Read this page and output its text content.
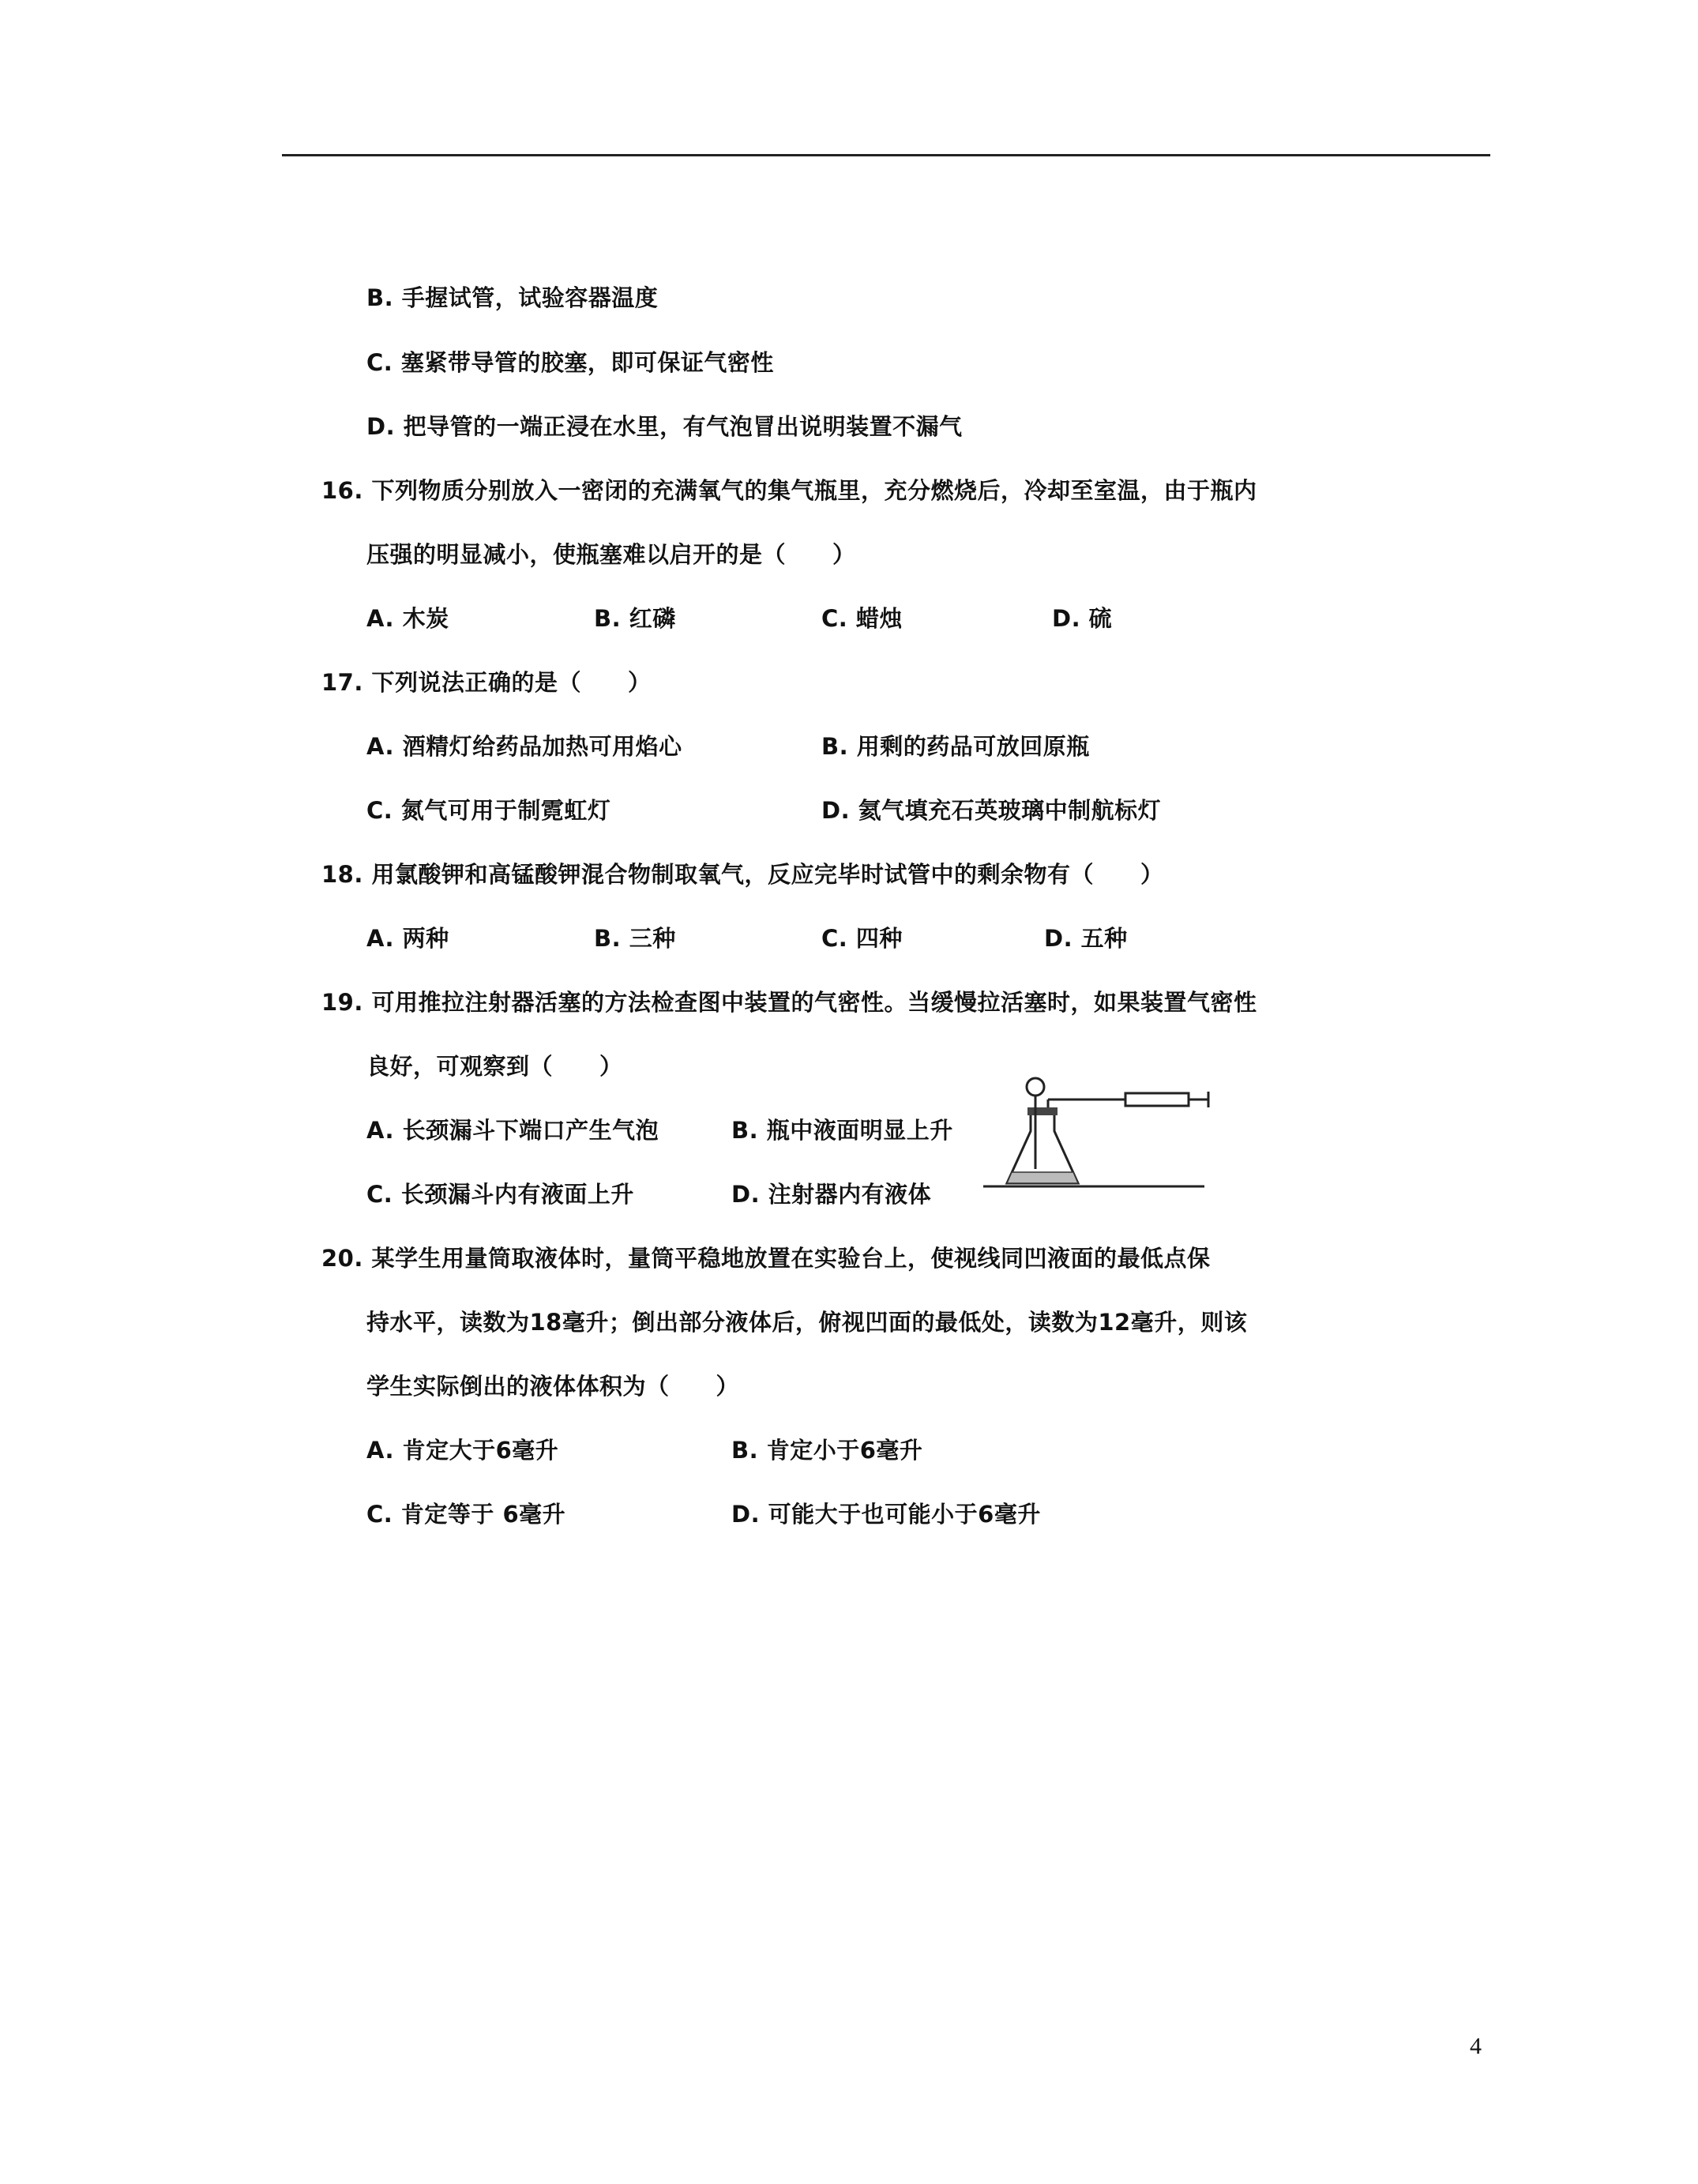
B. 手握试管，试验容器温度
C. 塞紧带导管的胶塞，即可保证气密性
D. 把导管的一端正浸在水里，有气泡冒出说明装置不漏气
16. 下列物质分别放入一密闭的充满氧气的集气瓶里，充分燃烧后，冷却至室温，由于瓶内
压强的明显减小，使瓶塞难以启开的是（　　）
A. 木炭	B. 红磷	C. 蜡烛	D. 硫
17. 下列说法正确的是（　　）
A. 酒精灯给药品加热可用焰心	B. 用剩的药品可放回原瓶
C. 氮气可用于制霓虹灯	D. 氦气填充石英玻璃中制航标灯
18. 用氯酸钾和高锰酸钾混合物制取氧气，反应完毕时试管中的剩余物有（　　）
A. 两种	B. 三种	C. 四种	D. 五种
19. 可用推拉注射器活塞的方法检查图中装置的气密性。当缓慢拉活塞时，如果装置气密性
良好，可观察到（　　）
A. 长颈漏斗下端口产生气泡	B. 瓶中液面明显上升
C. 长颈漏斗内有液面上升	D. 注射器内有液体
20. 某学生用量筒取液体时，量筒平稳地放置在实验台上，使视线同凹液面的最低点保
持水平，读数为18毫升；倒出部分液体后，俯视凹面的最低处，读数为12毫升，则该
学生实际倒出的液体体积为（　　）
A. 肯定大于6毫升	B. 肯定小于6毫升
C. 肯定等于 6毫升	D. 可能大于也可能小于6毫升
4
